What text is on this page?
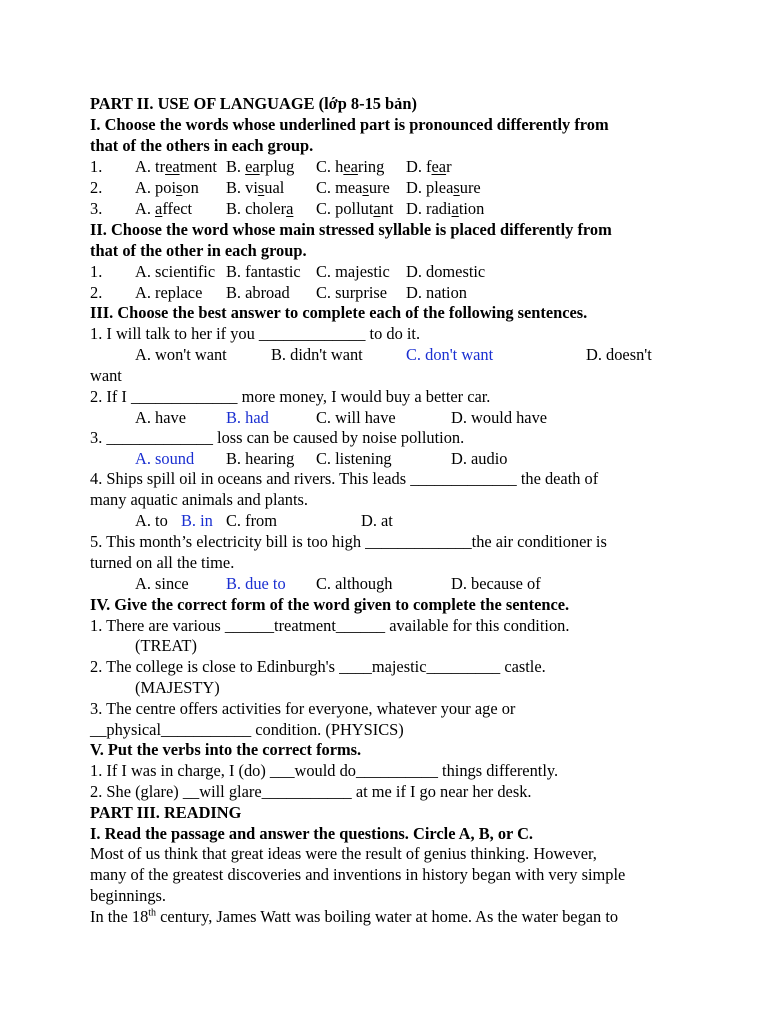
PART II. USE OF LANGUAGE (lớp 8-15 bản)
I. Choose the words whose underlined part is pronounced differently from
that of the others in each group.
1. A. treatment B. earplug C. hearing D. fear
2. A. poison B. visual C. measure D. pleasure
3. A. affect B. cholera C. pollutant D. radiation
II. Choose the word whose main stressed syllable is placed differently from
that of the other in each group.
1. A. scientific B. fantastic C. majestic D. domestic
2. A. replace B. abroad C. surprise D. nation
III. Choose the best answer to complete each of the following sentences.
1. I will talk to her if you _____________ to do it.
A. won't want	B. didn't want	C. don't want	D. doesn't
want
2. If I _____________ more money, I would buy a better car.
A. have B. had	C. will have	D. would have
3. _____________ loss can be caused by noise pollution.
A. sound B. hearing C. listening	D. audio
4. Ships spill oil in oceans and rivers. This leads _____________ the death of
many aquatic animals and plants.
A. to B. in C. from	D. at
5. This month’s electricity bill is too high _____________the air conditioner is
turned on all the time.
A. since B. due to C. although	D. because of
IV. Give the correct form of the word given to complete the sentence.
1. There are various ______treatment______ available for this condition.
(TREAT)
2. The college is close to Edinburgh's ____majestic_________ castle.
(MAJESTY)
3. The centre offers activities for everyone, whatever your age or
__physical___________ condition. (PHYSICS)
V. Put the verbs into the correct forms.
1. If I was in charge, I (do) ___would do__________ things differently.
2. She (glare) __will glare___________ at me if I go near her desk.
PART III. READING
I. Read the passage and answer the questions. Circle A, B, or C.
Most of us think that great ideas were the result of genius thinking. However,
many of the greatest discoveries and inventions in history began with very simple
beginnings.
In the 18th century, James Watt was boiling water at home. As the water began to
